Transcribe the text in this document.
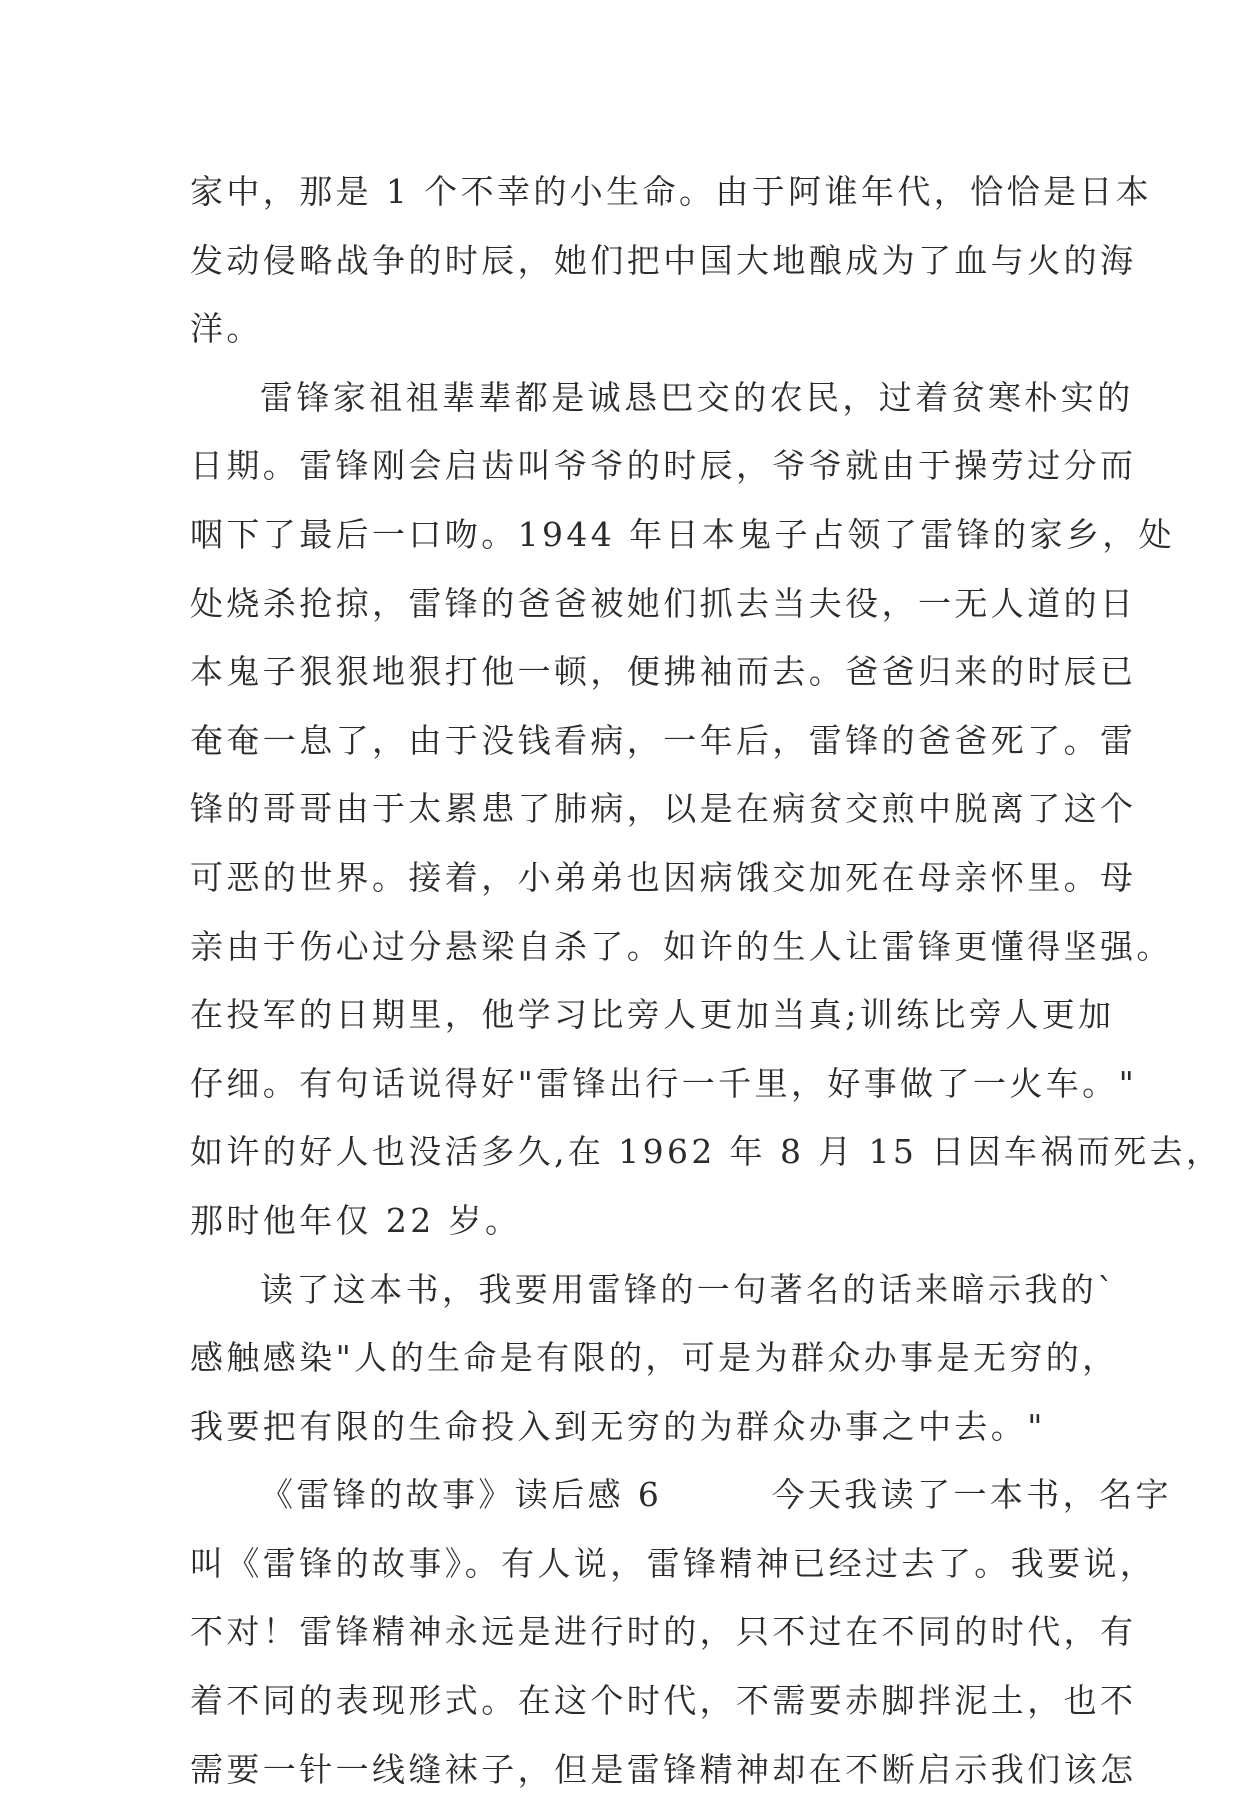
家中，那是 1 个不幸的小生命。由于阿谁年代，恰恰是日本

发动侵略战争的时辰，她们把中国大地酿成为了血与火的海

洋。

雷锋家祖祖辈辈都是诚恳巴交的农民，过着贫寒朴实的

日期。雷锋刚会启齿叫爷爷的时辰，爷爷就由于操劳过分而

咽下了最后一口吻。1944 年日本鬼子占领了雷锋的家乡，处

处烧杀抢掠，雷锋的爸爸被她们抓去当夫役，一无人道的日

本鬼子狠狠地狠打他一顿，便拂袖而去。爸爸归来的时辰已

奄奄一息了，由于没钱看病，一年后，雷锋的爸爸死了。雷

锋的哥哥由于太累患了肺病，以是在病贫交煎中脱离了这个

可恶的世界。接着，小弟弟也因病饿交加死在母亲怀里。母

亲由于伤心过分悬梁自杀了。如许的生人让雷锋更懂得坚强。

在投军的日期里，他学习比旁人更加当真;训练比旁人更加

仔细。有句话说得好"雷锋出行一千里，好事做了一火车。"

如许的好人也没活多久,在 1962 年 8 月 15 日因车祸而死去，

那时他年仅 22 岁。

读了这本书，我要用雷锋的一句著名的话来暗示我的`

感触感染"人的生命是有限的，可是为群众办事是无穷的，

我要把有限的生命投入到无穷的为群众办事之中去。"

《雷锋的故事》读后感 6　　　今天我读了一本书，名字

叫《雷锋的故事》。有人说，雷锋精神已经过去了。我要说，

不对！雷锋精神永远是进行时的，只不过在不同的时代，有

着不同的表现形式。在这个时代，不需要赤脚拌泥土，也不

需要一针一线缝袜子，但是雷锋精神却在不断启示我们该怎
